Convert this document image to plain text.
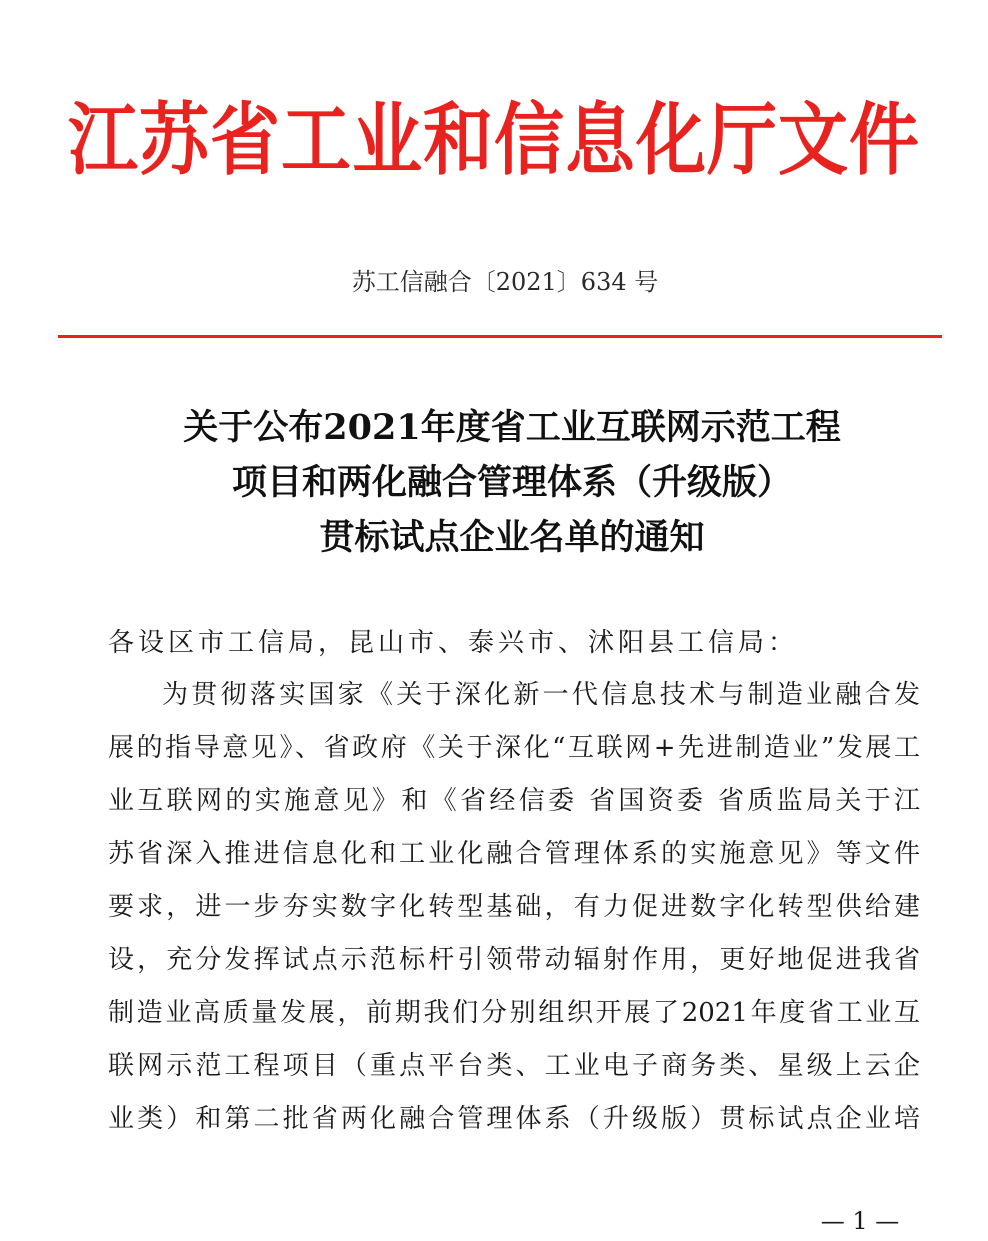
江苏省工业和信息化厅文件
苏工信融合〔2021〕634 号
关于公布2021年度省工业互联网示范工程
项目和两化融合管理体系（升级版）
贯标试点企业名单的通知
各设区市工信局，昆山市、泰兴市、沭阳县工信局：
为贯彻落实国家《关于深化新一代信息技术与制造业融合发
展的指导意见》、省政府《关于深化“互联网+先进制造业”发展工
业互联网的实施意见》和《省经信委 省国资委 省质监局关于江
苏省深入推进信息化和工业化融合管理体系的实施意见》等文件
要求，进一步夯实数字化转型基础，有力促进数字化转型供给建
设，充分发挥试点示范标杆引领带动辐射作用，更好地促进我省
制造业高质量发展，前期我们分别组织开展了2021年度省工业互
联网示范工程项目（重点平台类、工业电子商务类、星级上云企
业类）和第二批省两化融合管理体系（升级版）贯标试点企业培
— 1 —
